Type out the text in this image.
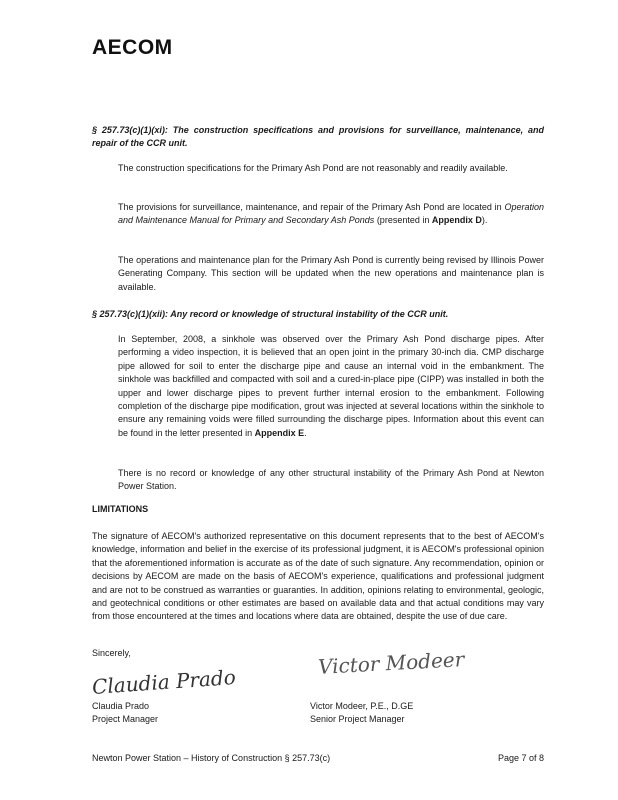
AECOM
§ 257.73(c)(1)(xi): The construction specifications and provisions for surveillance, maintenance, and repair of the CCR unit.

The construction specifications for the Primary Ash Pond are not reasonably and readily available.

The provisions for surveillance, maintenance, and repair of the Primary Ash Pond are located in Operation and Maintenance Manual for Primary and Secondary Ash Ponds (presented in Appendix D).

The operations and maintenance plan for the Primary Ash Pond is currently being revised by Illinois Power Generating Company. This section will be updated when the new operations and maintenance plan is available.

§ 257.73(c)(1)(xii): Any record or knowledge of structural instability of the CCR unit.

In September, 2008, a sinkhole was observed over the Primary Ash Pond discharge pipes. After performing a video inspection, it is believed that an open joint in the primary 30-inch dia. CMP discharge pipe allowed for soil to enter the discharge pipe and cause an internal void in the embankment. The sinkhole was backfilled and compacted with soil and a cured-in-place pipe (CIPP) was installed in both the upper and lower discharge pipes to prevent further internal erosion to the embankment. Following completion of the discharge pipe modification, grout was injected at several locations within the sinkhole to ensure any remaining voids were filled surrounding the discharge pipes. Information about this event can be found in the letter presented in Appendix E.

There is no record or knowledge of any other structural instability of the Primary Ash Pond at Newton Power Station.

LIMITATIONS

The signature of AECOM's authorized representative on this document represents that to the best of AECOM's knowledge, information and belief in the exercise of its professional judgment, it is AECOM's professional opinion that the aforementioned information is accurate as of the date of such signature. Any recommendation, opinion or decisions by AECOM are made on the basis of AECOM's experience, qualifications and professional judgment and are not to be construed as warranties or guaranties. In addition, opinions relating to environmental, geologic, and geotechnical conditions or other estimates are based on available data and that actual conditions may vary from those encountered at the times and locations where data are obtained, despite the use of due care.

Sincerely,
Claudia Prado
Victor Modeer

Claudia Prado

Project Manager

Victor Modeer, P.E., D.GE

Senior Project Manager

Newton Power Station – History of Construction § 257.73(c)	Page 7 of 8
